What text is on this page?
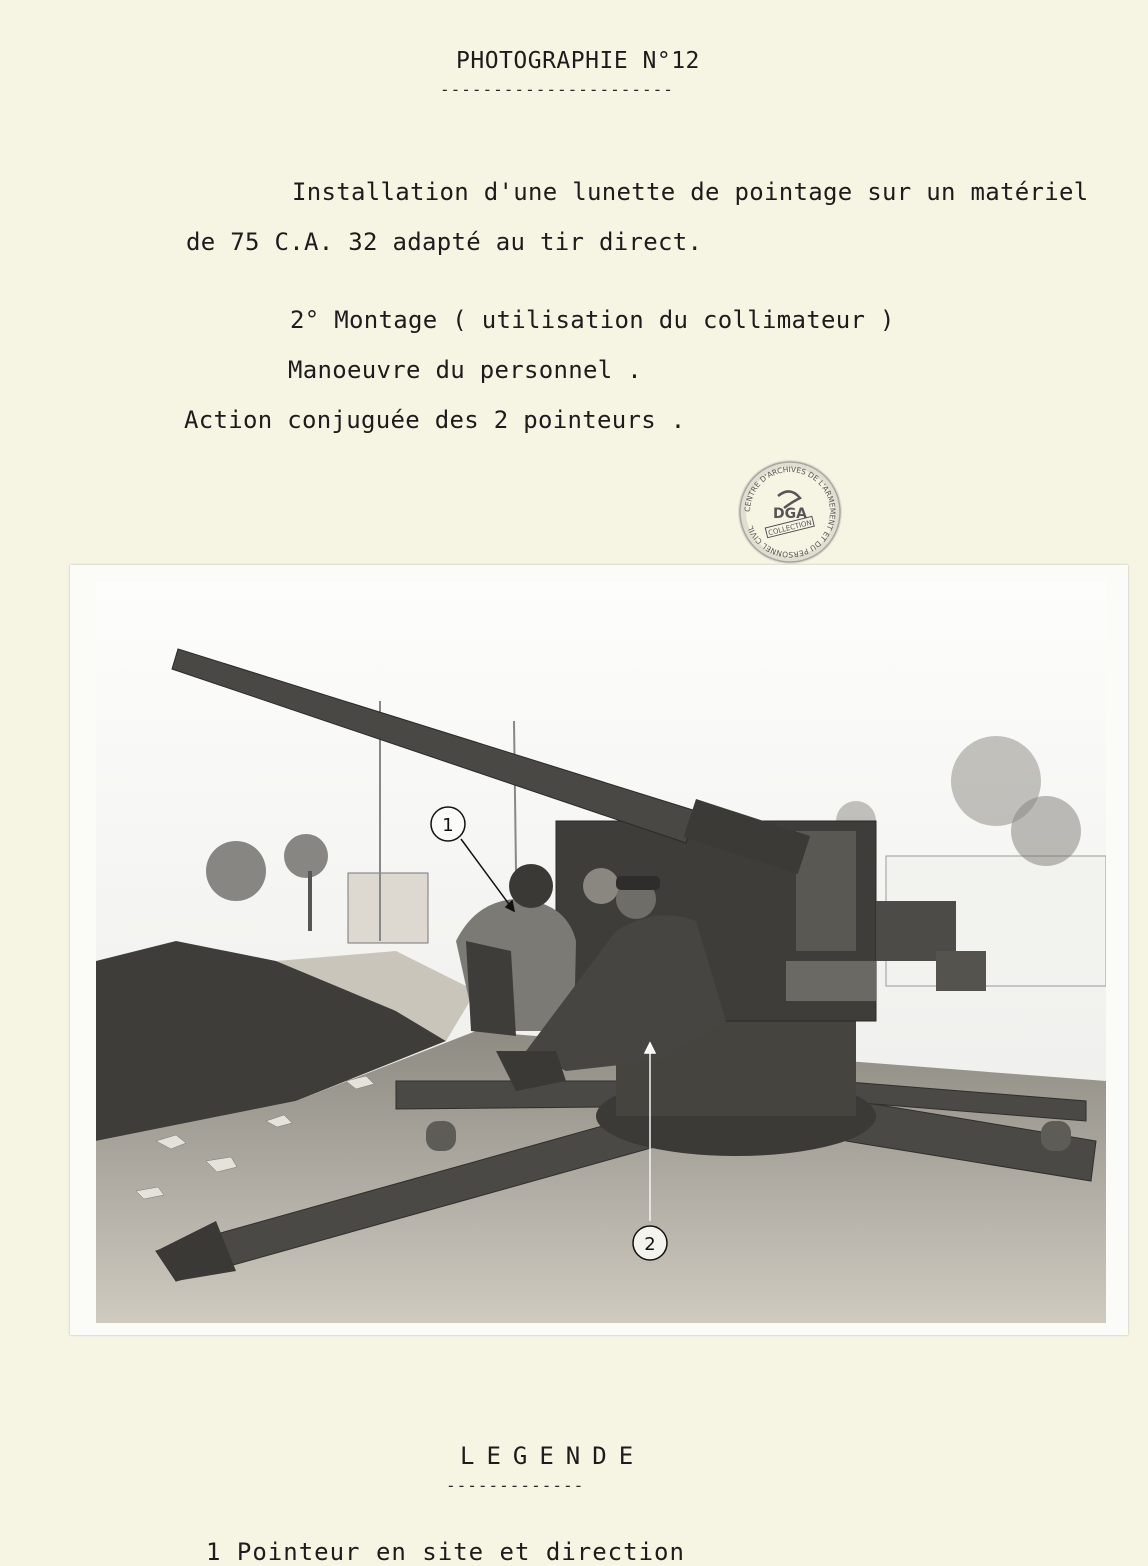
PHOTOGRAPHIE N°12
----------------------
Installation d'une lunette de pointage sur un matériel
de 75 C.A. 32 adapté au tir direct.
2° Montage ( utilisation du collimateur )
Manoeuvre du personnel .
Action conjuguée des 2 pointeurs .
CENTRE D'ARCHIVES DE L'ARMEMENT ET DU PERSONNEL CIVIL
DGA
COLLECTION
1
2
LEGENDE
-------------
1 Pointeur en site et direction
